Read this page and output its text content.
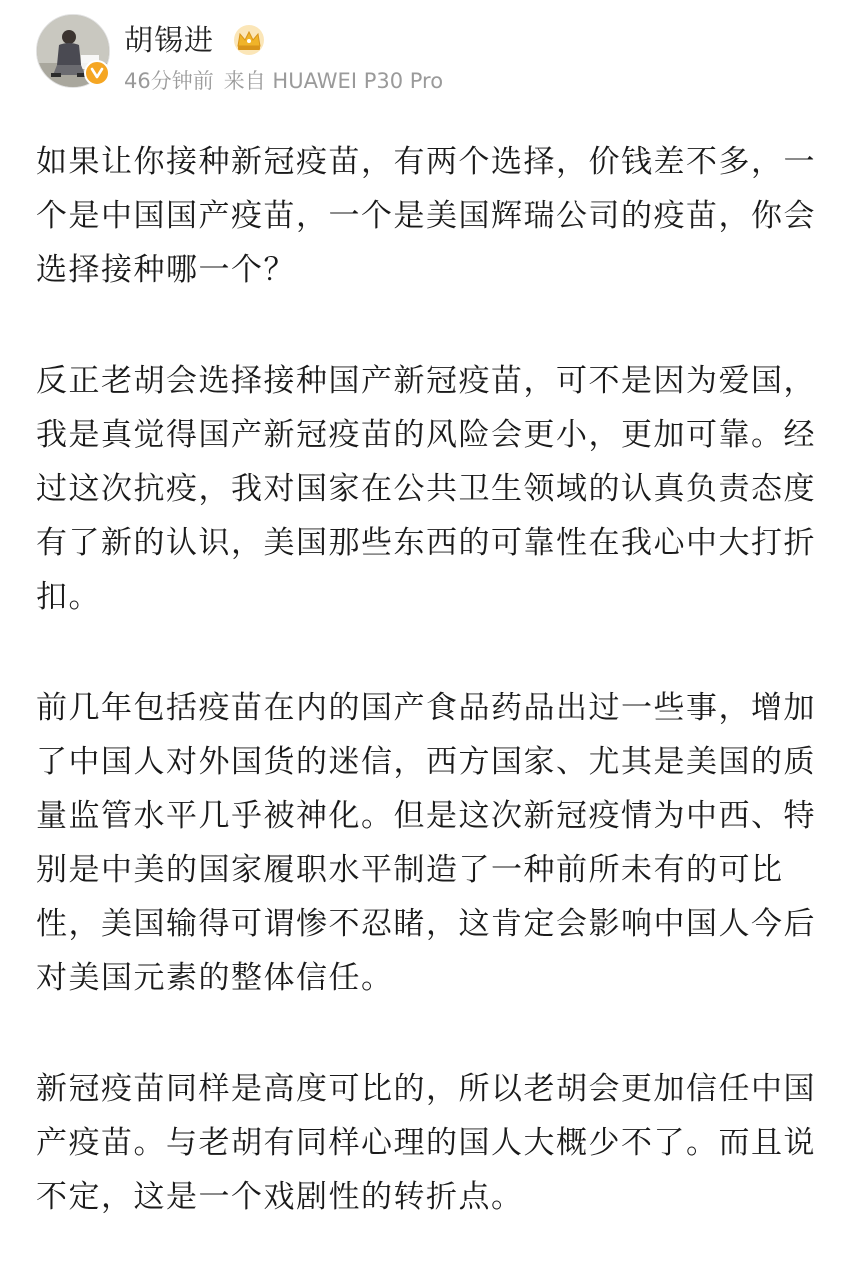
胡锡进
46分钟前 来自 HUAWEI P30 Pro

如果让你接种新冠疫苗，有两个选择，价钱差不多，一个是中国国产疫苗，一个是美国辉瑞公司的疫苗，你会选择接种哪一个？

反正老胡会选择接种国产新冠疫苗，可不是因为爱国，我是真觉得国产新冠疫苗的风险会更小，更加可靠。经过这次抗疫，我对国家在公共卫生领域的认真负责态度有了新的认识，美国那些东西的可靠性在我心中大打折扣。

前几年包括疫苗在内的国产食品药品出过一些事，增加了中国人对外国货的迷信，西方国家、尤其是美国的质量监管水平几乎被神化。但是这次新冠疫情为中西、特别是中美的国家履职水平制造了一种前所未有的可比性，美国输得可谓惨不忍睹，这肯定会影响中国人今后对美国元素的整体信任。

新冠疫苗同样是高度可比的，所以老胡会更加信任中国产疫苗。与老胡有同样心理的国人大概少不了。而且说不定，这是一个戏剧性的转折点。
